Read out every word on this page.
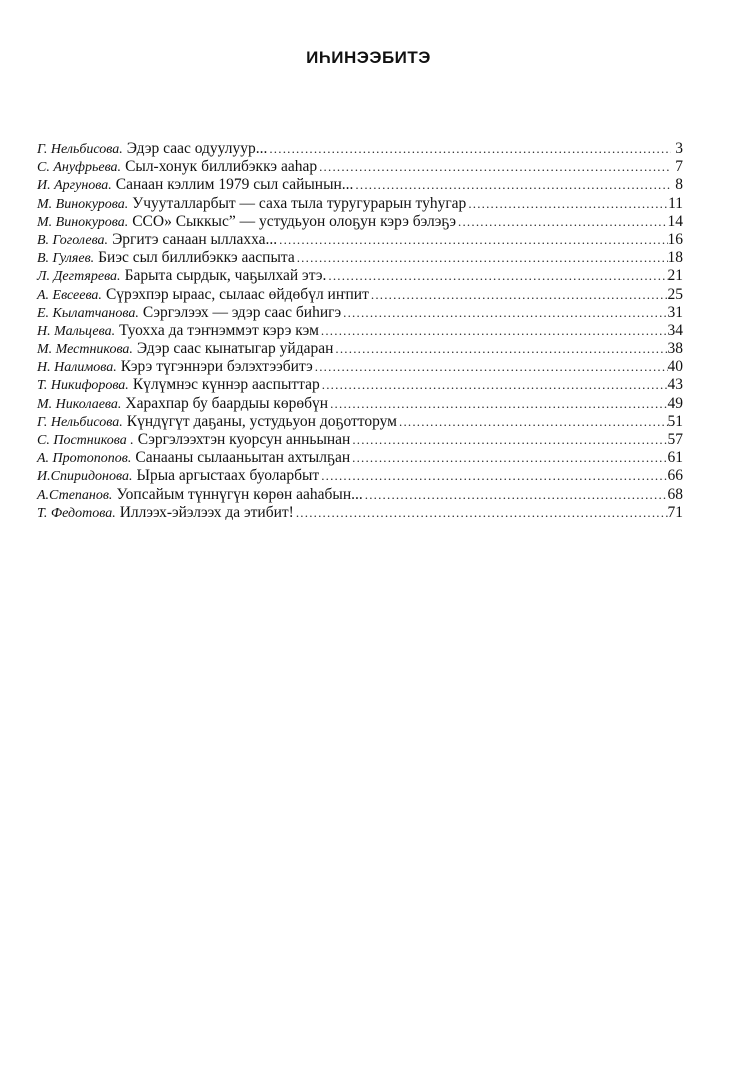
ИҺИНЭЭБИТЭ
Г. Нельбисова. Эдэр саас одуулуур... .....	3
С. Ануфрьева. Сыл-хонук биллибэккэ ааһар .....	7
И. Аргунова. Санаан кэллим 1979 сыл сайынын... .....	8
М. Винокурова. Учууталларбыт — саха тыла туругурарын туһугар .....	11
М. Винокурова. ССО» Сыккыс” — устудьуон олоҕун кэрэ бэлэҕэ .....	14
В. Гоголева. Эргитэ санаан ыллахха... .....	16
В. Гуляев. Биэс сыл биллибэккэ ааспыта .....	18
Л. Дегтярева. Барыта сырдык, чаҕылхай этэ. .....	21
А. Евсеева. Сүрэхпэр ыраас, сылаас өйдөбүл иҥпит .....	25
Е. Кылатчанова. Сэргэлээх — эдэр саас биһигэ .....	31
Н. Мальцева. Туохха да тэҥнэммэт кэрэ кэм .....	34
М. Местникова. Эдэр саас кынатыгар уйдаран .....	38
Н. Налимова. Кэрэ түгэннэри бэлэхтээбитэ .....	40
Т. Никифорова. Күлүмнэс күннэр ааспыттар .....	43
М. Николаева. Харахпар бу баардыы көрөбүн .....	49
Г. Нельбисова. Күндүгүт даҕаны, устудьуон доҕотторум .....	51
С. Постникова . Сэргэлээхтэн куорсун анньынан .....	57
А. Протопопов. Санааны сылааньытан ахтылҕан .....	61
И.Спиридонова. Ырыа аргыстаах буоларбыт .....	66
А.Степанов. Уопсайым түннүгүн көрөн ааһабын... .....	68
Т. Федотова. Иллээх-эйэлээх да этибит! .....	71
